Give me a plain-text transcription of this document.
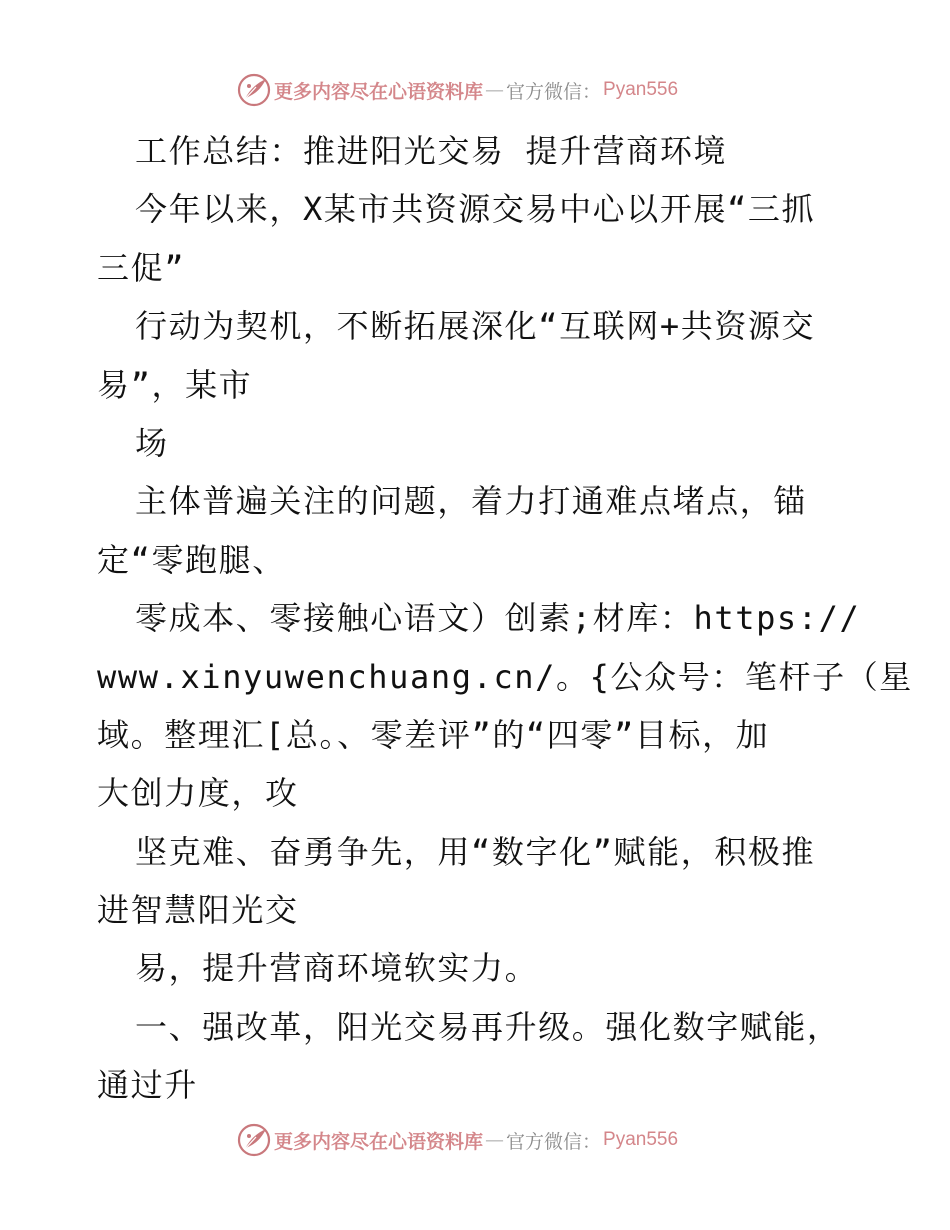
更多内容尽在心语资料库 — 官方微信： Pyan556
工作总结：推进阳光交易 提升营商环境
今年以来，X某市共资源交易中心以开展“三抓
三促”
行动为契机，不断拓展深化“互联网+共资源交
易”，某市
场
主体普遍关注的问题，着力打通难点堵点，锚
定“零跑腿、
零成本、零接触心语文）创素;材库：https://
www.xinyuwenchuang.cn/。{公众号：笔杆子（星
域。整理汇[总。、零差评”的“四零”目标，加
大创力度，攻
坚克难、奋勇争先，用“数字化”赋能，积极推
进智慧阳光交
易，提升营商环境软实力。
一、强改革，阳光交易再升级。强化数字赋能，
通过升
更多内容尽在心语资料库 — 官方微信： Pyan556
